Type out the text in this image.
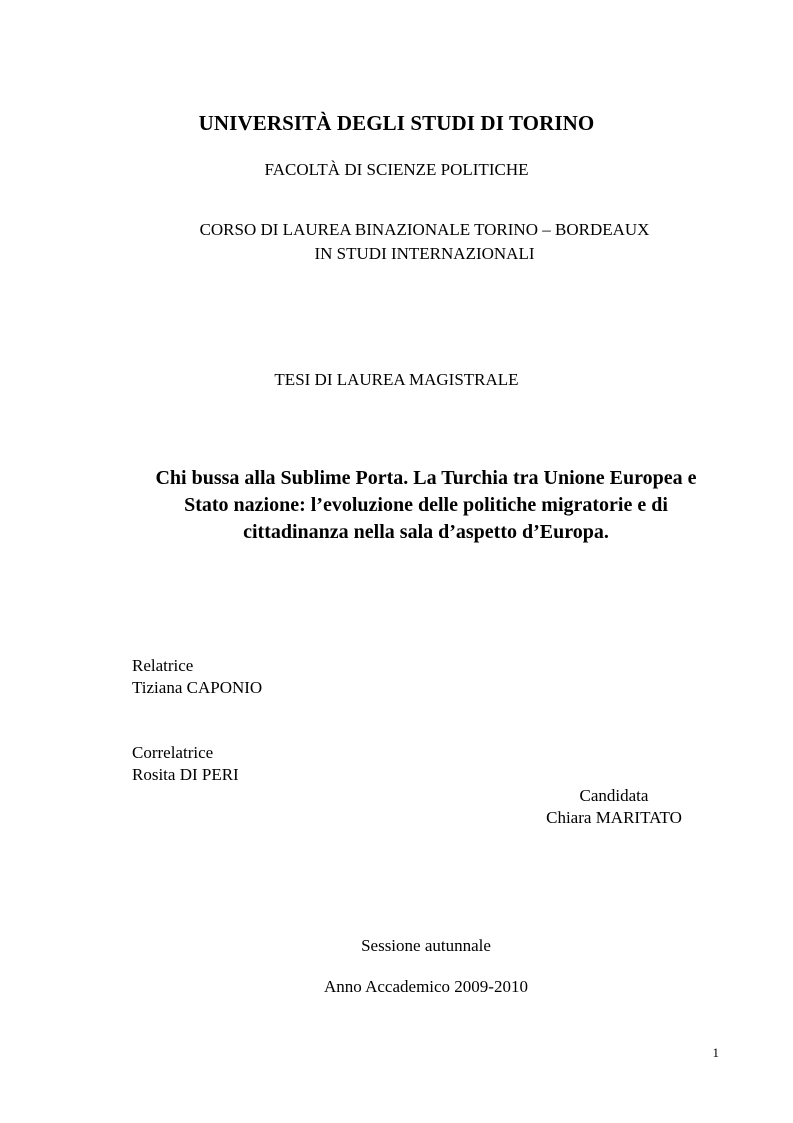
UNIVERSITÀ DEGLI STUDI DI TORINO
FACOLTÀ DI SCIENZE POLITICHE
CORSO DI LAUREA BINAZIONALE TORINO – BORDEAUX
IN STUDI INTERNAZIONALI
TESI DI LAUREA MAGISTRALE
Chi bussa alla Sublime Porta. La Turchia tra Unione Europea e
Stato nazione: l’evoluzione delle politiche migratorie e di
cittadinanza nella sala d’aspetto d’Europa.
Relatrice
Tiziana CAPONIO
Correlatrice
Rosita DI PERI
Candidata
Chiara MARITATO
Sessione autunnale
Anno Accademico 2009-2010
1
